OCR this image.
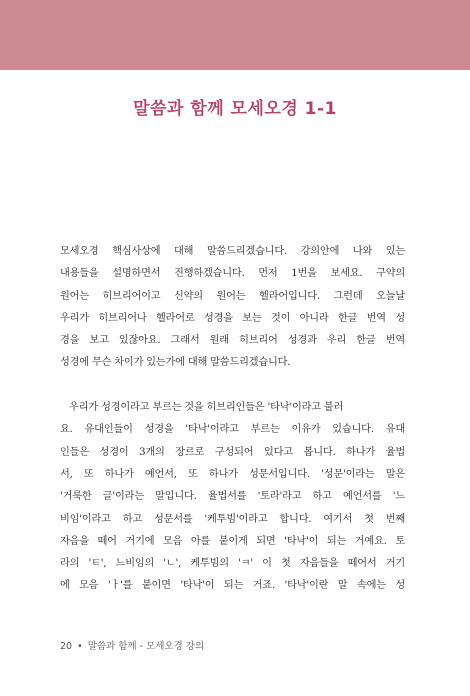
말씀과 함께 모세오경 1-1
모세오경 핵심사상에 대해 말씀드리겠습니다. 강의안에 나와 있는
내용들을 설명하면서 진행하겠습니다. 먼저 1번을 보세요. 구약의
원어는 히브리어이고 신약의 원어는 헬라어입니다. 그런데 오늘날
우리가 히브리어나 헬라어로 성경을 보는 것이 아니라 한글 번역 성
경을 보고 있잖아요. 그래서 원래 히브리어 성경과 우리 한글 번역
성경에 무슨 차이가 있는가에 대해 말씀드리겠습니다.
우리가 성경이라고 부르는 것을 히브리인들은 '타낙'이라고 불러
요. 유대인들이 성경을 '타낙'이라고 부르는 이유가 있습니다. 유대
인들은 성경이 3개의 장르로 구성되어 있다고 봅니다. 하나가 율법
서, 또 하나가 예언서, 또 하나가 성문서입니다. '성문'이라는 말은
'거룩한 글'이라는 말입니다. 율법서를 '토라'라고 하고 예언서를 '느
비임'이라고 하고 성문서를 '케투빔'이라고 합니다. 여기서 첫 번째
자음을 떼어 거기에 모음 아를 붙이게 되면 '타낙'이 되는 거예요. 토
라의 'ㅌ', 느비임의 'ㄴ', 케투빔의 'ㅋ' 이 첫 자음들을 떼어서 거기
에 모음 'ㅏ'를 붙이면 '타낙'이 되는 거죠. '타낙'이란 말 속에는 성
20 • 말씀과 함께 - 모세오경 강의
